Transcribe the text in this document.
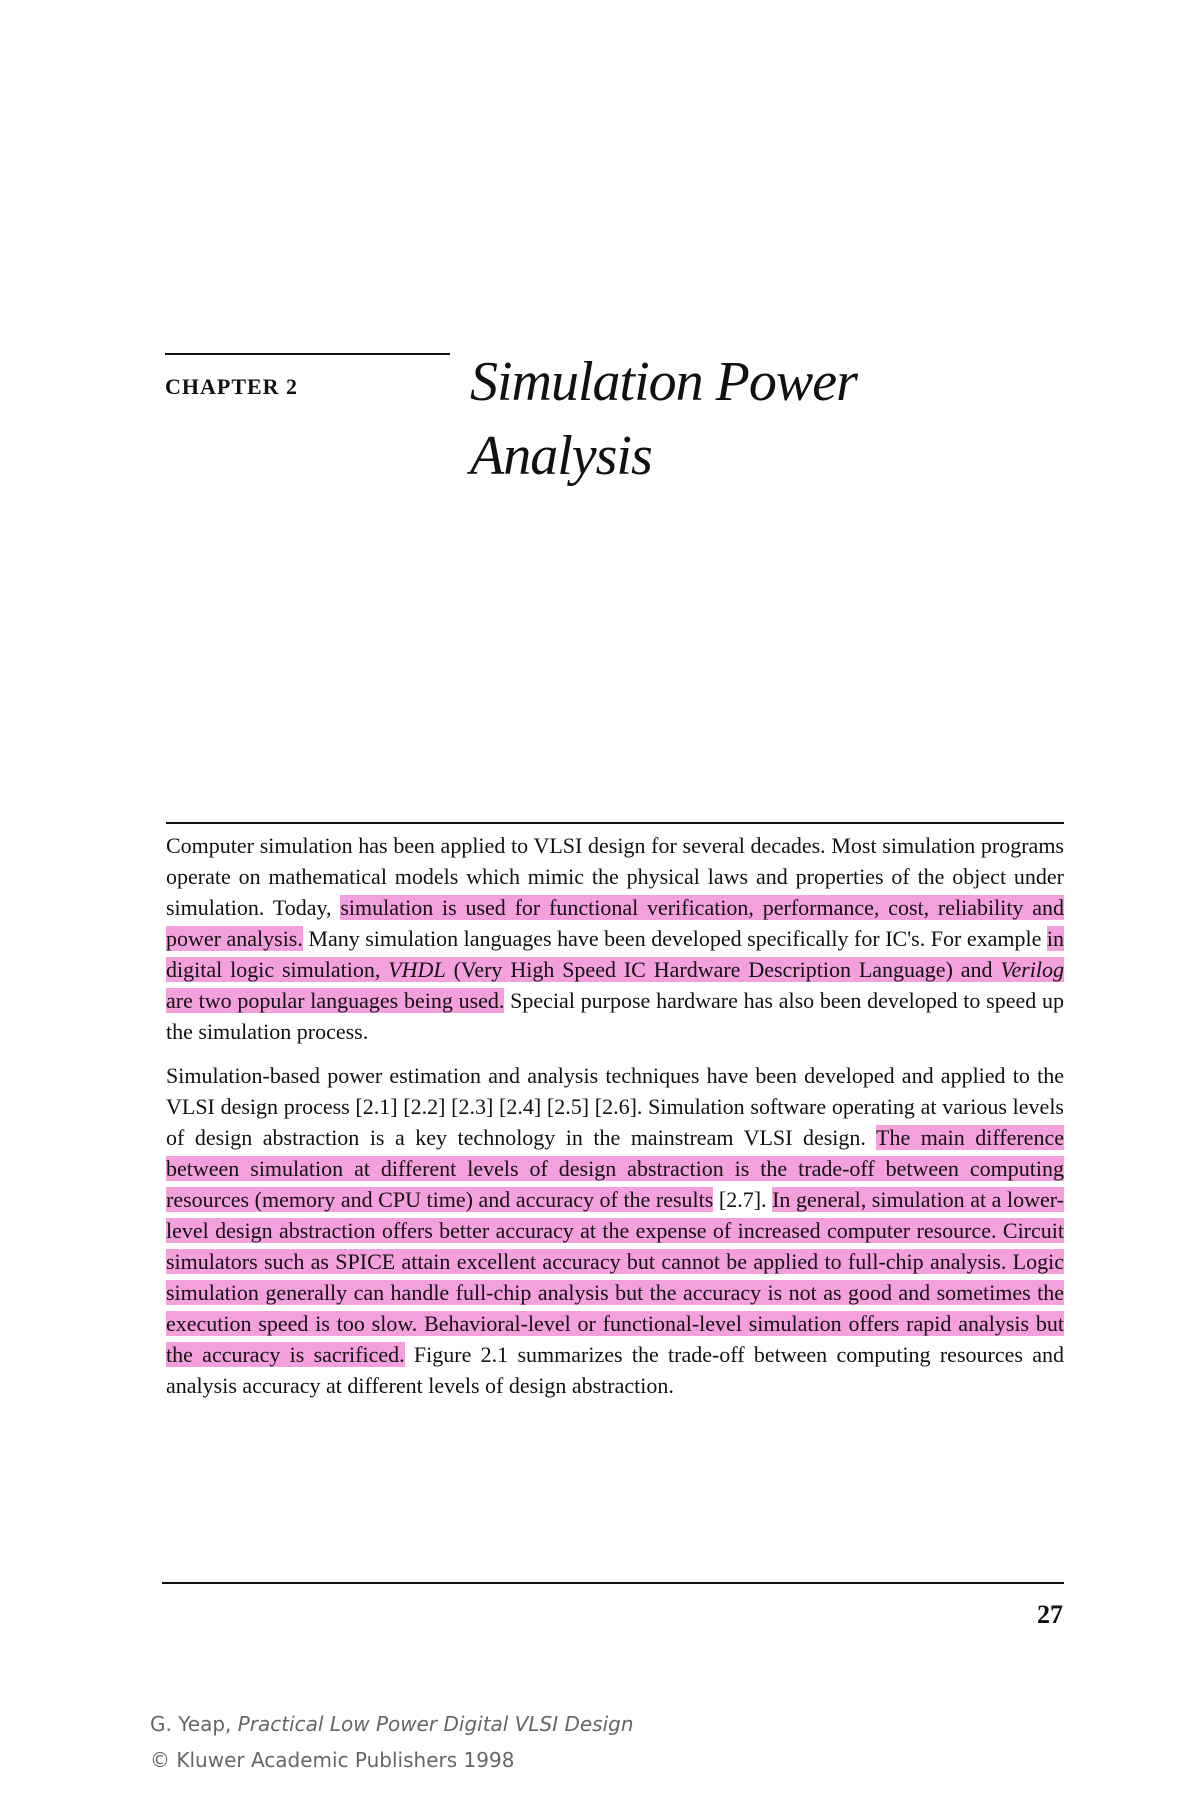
CHAPTER 2	Simulation Power
Analysis

Computer simulation has been applied to VLSI design for several decades. Most simulation programs operate on mathematical models which mimic the physical laws and properties of the object under simulation. Today, simulation is used for functional verification, performance, cost, reliability and power analysis. Many simulation languages have been developed specifically for IC's. For example in digital logic simulation, VHDL (Very High Speed IC Hardware Description Language) and Verilog are two popular languages being used. Special purpose hardware has also been developed to speed up the simulation process.

Simulation-based power estimation and analysis techniques have been developed and applied to the VLSI design process [2.1] [2.2] [2.3] [2.4] [2.5] [2.6]. Simulation software operating at various levels of design abstraction is a key technology in the mainstream VLSI design. The main difference between simulation at different levels of design abstraction is the trade-off between computing resources (memory and CPU time) and accuracy of the results [2.7]. In general, simulation at a lower-level design abstraction offers better accuracy at the expense of increased computer resource. Circuit simulators such as SPICE attain excellent accuracy but cannot be applied to full-chip analysis. Logic simulation generally can handle full-chip analysis but the accuracy is not as good and sometimes the execution speed is too slow. Behavioral-level or functional-level simulation offers rapid analysis but the accuracy is sacrificed. Figure 2.1 summarizes the trade-off between computing resources and analysis accuracy at different levels of design abstraction.

27
G. Yeap, Practical Low Power Digital VLSI Design
© Kluwer Academic Publishers 1998
